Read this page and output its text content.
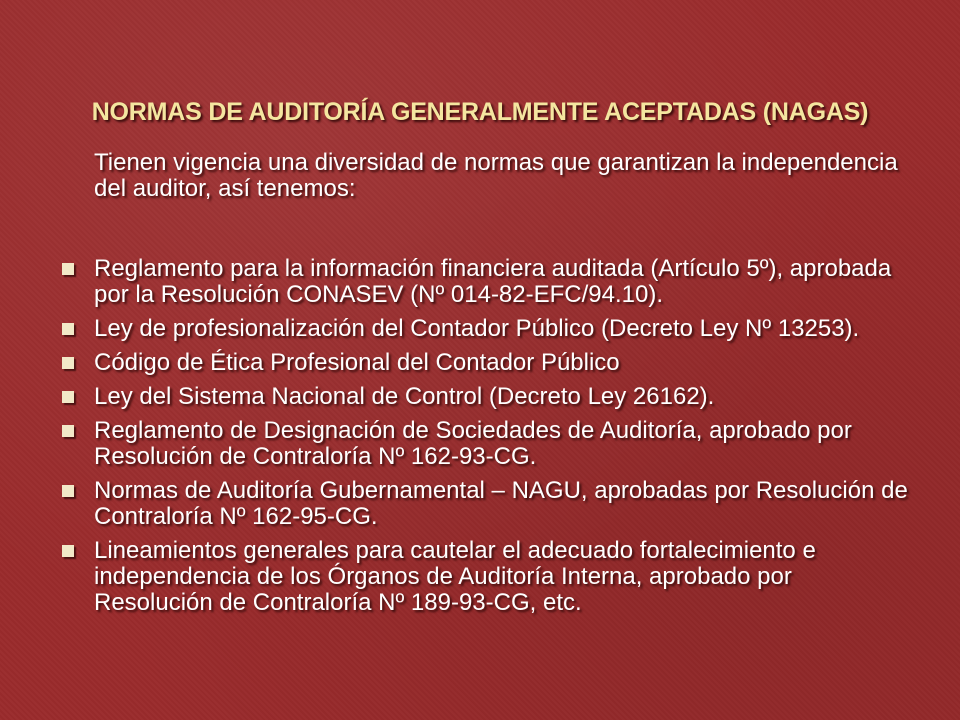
NORMAS DE AUDITORÍA GENERALMENTE ACEPTADAS (NAGAS)
Tienen vigencia una diversidad de normas que garantizan la independencia del auditor, así tenemos:
Reglamento para la información financiera auditada (Artículo 5º), aprobada por la Resolución CONASEV (Nº 014-82-EFC/94.10).
Ley de profesionalización del Contador Público (Decreto Ley Nº 13253).
Código de Ética Profesional del Contador Público
Ley del Sistema Nacional de Control (Decreto Ley 26162).
Reglamento de Designación de Sociedades de Auditoría, aprobado por Resolución de Contraloría Nº 162-93-CG.
Normas de Auditoría Gubernamental – NAGU, aprobadas por Resolución de Contraloría Nº 162-95-CG.
Lineamientos generales para cautelar el adecuado fortalecimiento e independencia de los Órganos de Auditoría Interna, aprobado por Resolución de Contraloría Nº 189-93-CG, etc.
